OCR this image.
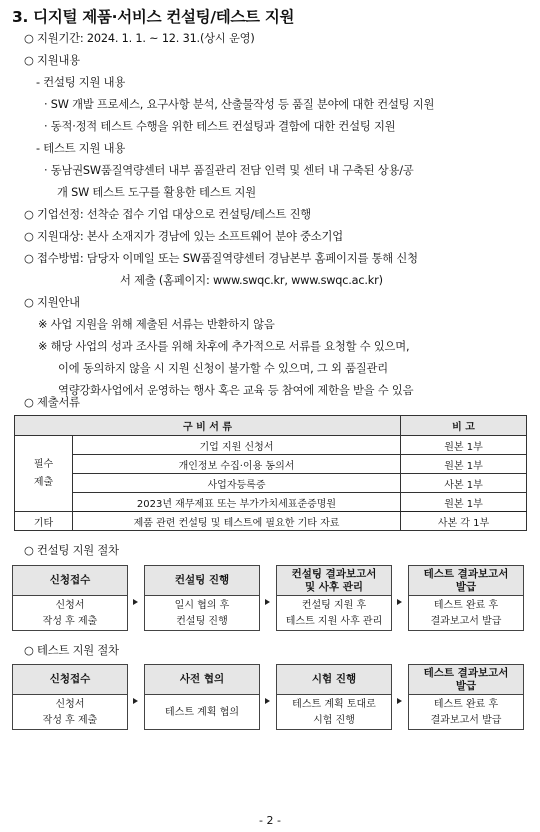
3. 디지털 제품·서비스 컨설팅/테스트 지원
○ 지원기간: 2024. 1. 1. ~ 12. 31.(상시 운영)
○ 지원내용
- 컨설팅 지원 내용
· SW 개발 프로세스, 요구사항 분석, 산출물작성 등 품질 분야에 대한 컨설팅 지원
· 동적·정적 테스트 수행을 위한 테스트 컨설팅과 결함에 대한 컨설팅 지원
- 테스트 지원 내용
· 동남권SW품질역량센터 내부 품질관리 전담 인력 및 센터 내 구축된 상용/공
개 SW 테스트 도구를 활용한 테스트 지원
○ 기업선정: 선착순 접수 기업 대상으로 컨설팅/테스트 진행
○ 지원대상: 본사 소재지가 경남에 있는 소프트웨어 분야 중소기업
○ 접수방법: 담당자 이메일 또는 SW품질역량센터 경남본부 홈페이지를 통해 신청
서 제출 (홈페이지: www.swqc.kr, www.swqc.ac.kr)
○ 지원안내
※ 사업 지원을 위해 제출된 서류는 반환하지 않음
※ 해당 사업의 성과 조사를 위해 차후에 추가적으로 서류를 요청할 수 있으며,
이에 동의하지 않을 시 지원 신청이 불가할 수 있으며, 그 외 품질관리
역량강화사업에서 운영하는 행사 혹은 교육 등 참여에 제한을 받을 수 있음
○ 제출서류
구 비 서 류		비 고
필수
제출	기업 지원 신청서	원본 1부
	개인정보 수집·이용 동의서	원본 1부
	사업자등록증	사본 1부
	2023년 재무제표 또는 부가가치세표준증명원	원본 1부
기타	제품 관련 컨설팅 및 테스트에 필요한 기타 자료	사본 각 1부
○ 컨설팅 지원 절차
신청접수
신청서
작성 후 제출
컨설팅 진행
일시 협의 후
컨설팅 진행
컨설팅 결과보고서
및 사후 관리
컨설팅 지원 후
테스트 지원 사후 관리
테스트 결과보고서
발급
테스트 완료 후
결과보고서 발급
○ 테스트 지원 절차
신청접수
신청서
작성 후 제출
사전 협의
테스트 계획 협의
시험 진행
테스트 계획 토대로
시험 진행
테스트 결과보고서
발급
테스트 완료 후
결과보고서 발급
- 2 -
